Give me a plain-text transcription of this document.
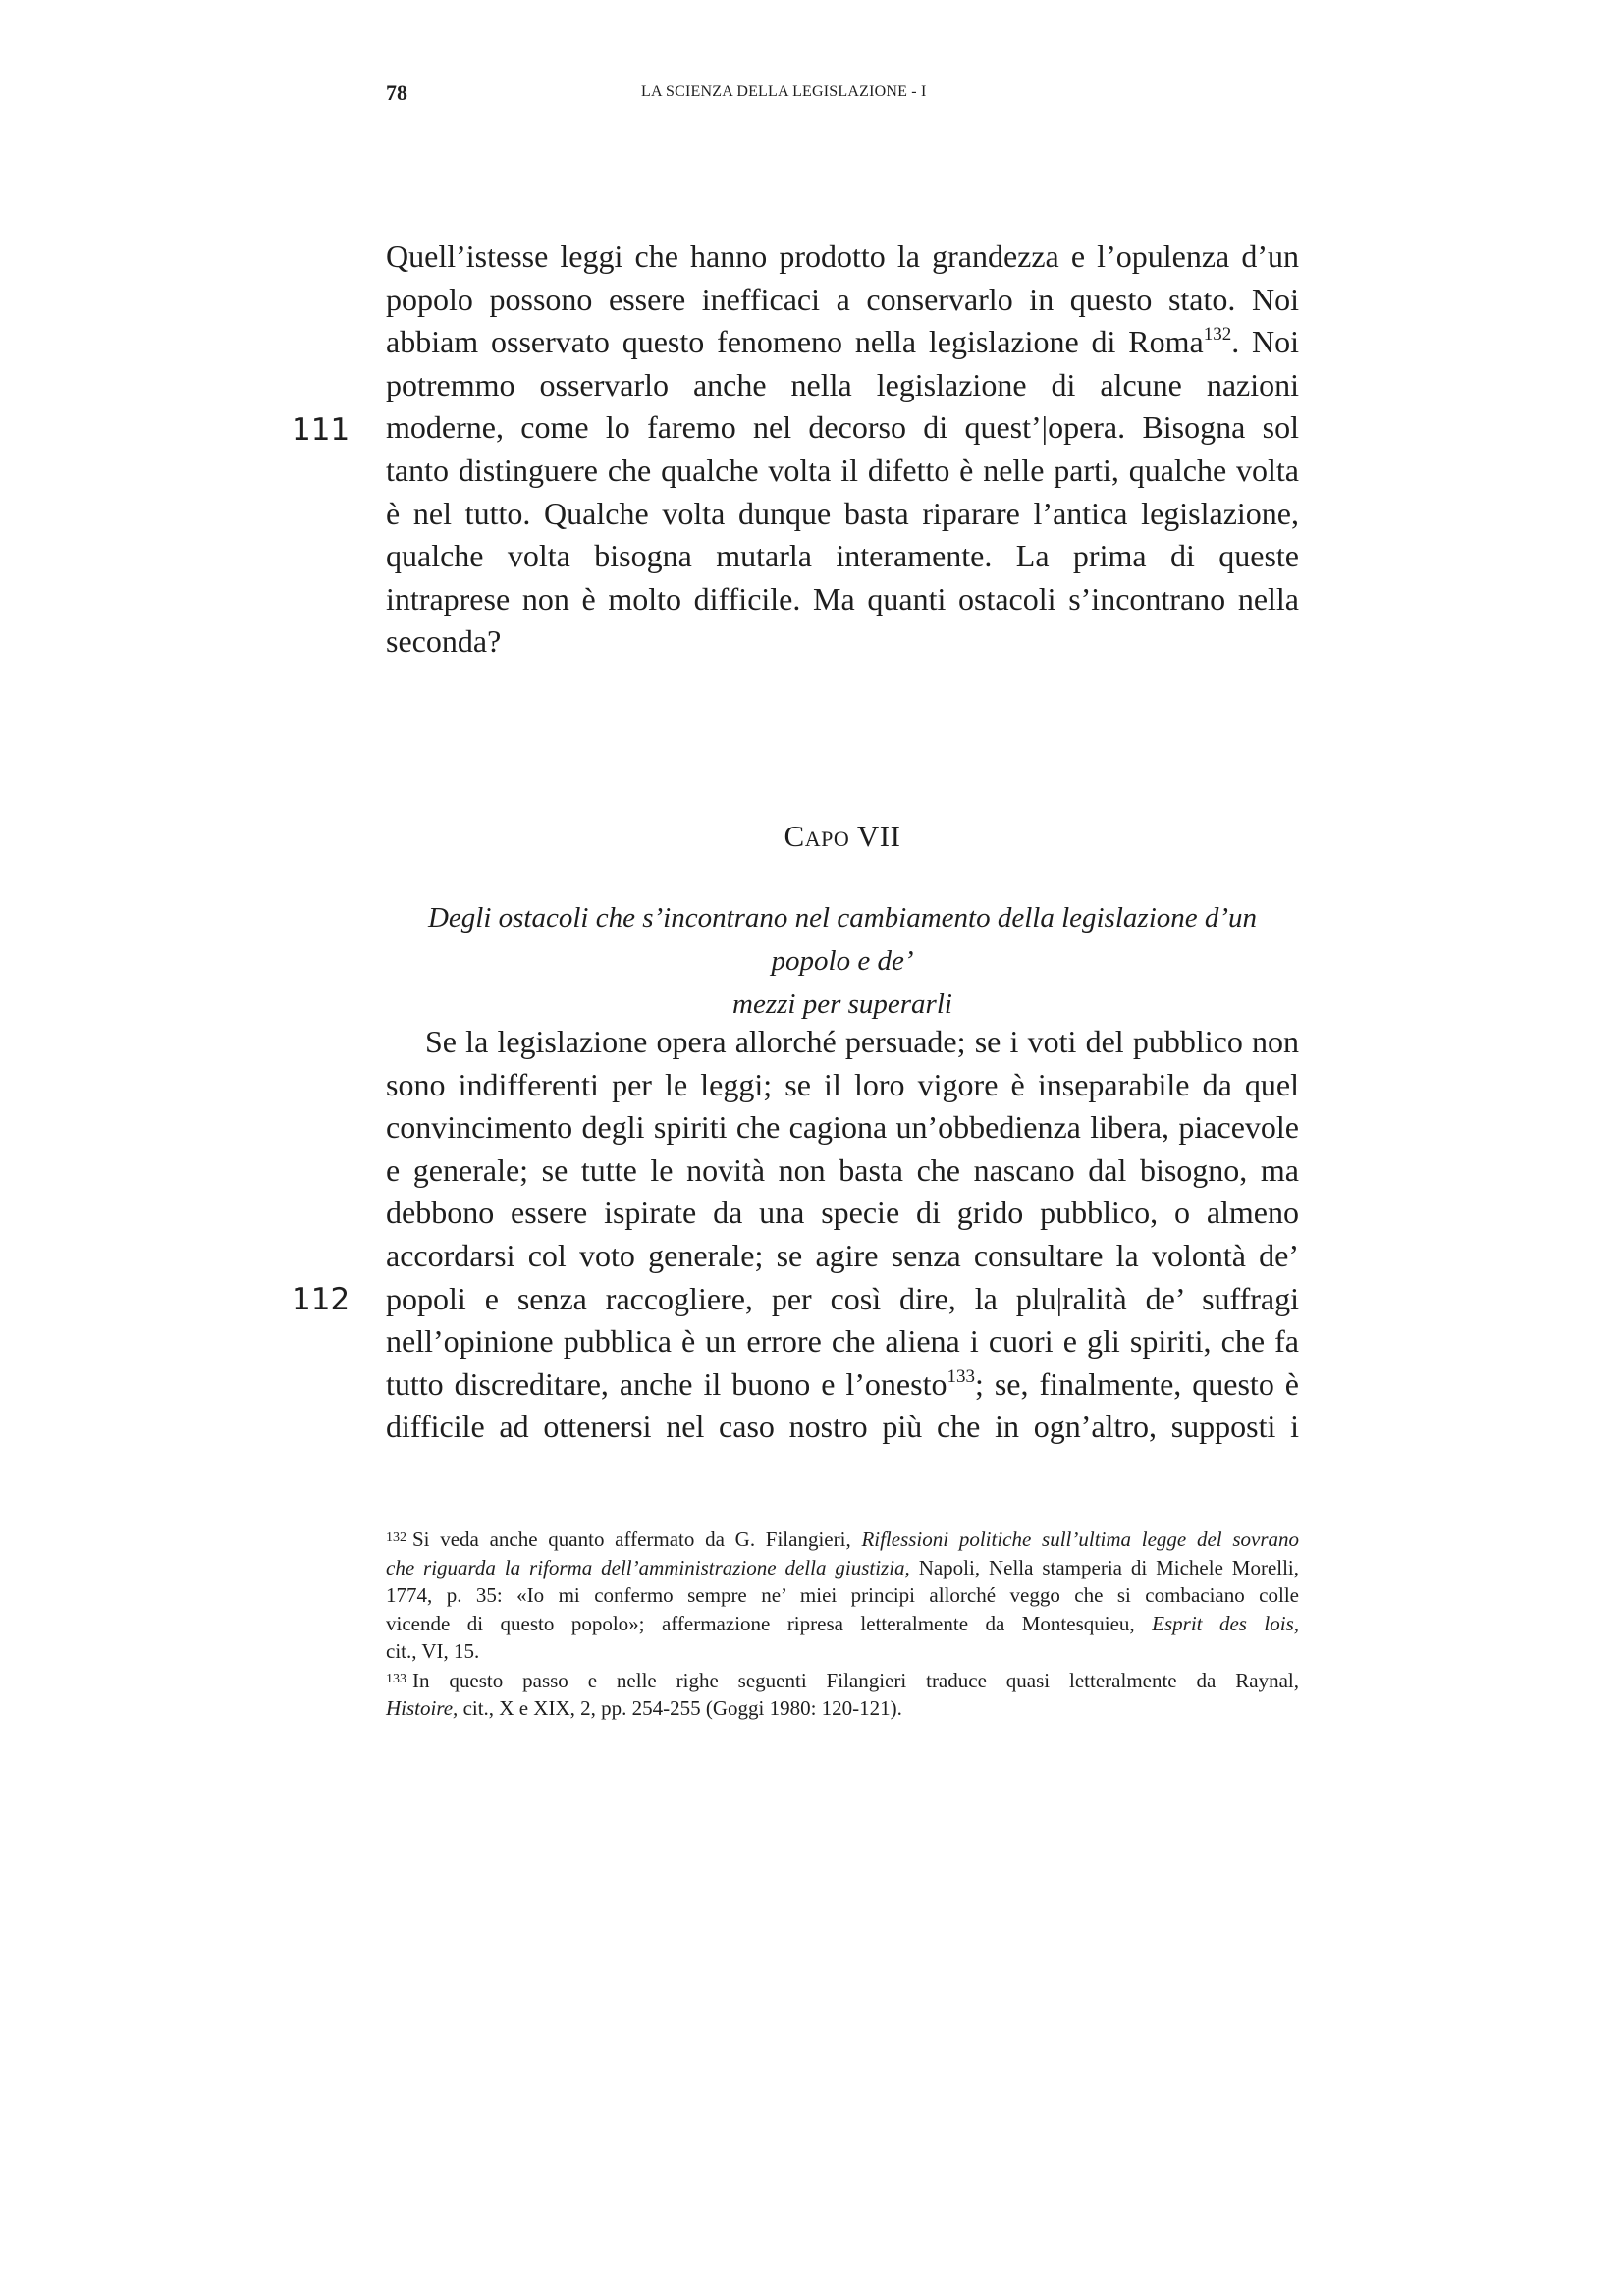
78	LA SCIENZA DELLA LEGISLAZIONE - I
111
112

Quell’istesse leggi che hanno prodotto la grandezza e l’opulenza d’un
popolo possono essere inefficaci a conservarlo in questo stato. Noi
abbiam osservato questo fenomeno nella legislazione di Roma$^{132}$. Noi
potremmo osservarlo anche nella legislazione di alcune nazioni
moderne, come lo faremo nel decorso di quest’|opera. Bisogna sol
tanto distinguere che qualche volta il difetto è nelle parti, qualche volta
è nel tutto. Qualche volta dunque basta riparare l’antica legislazione,
qualche volta bisogna mutarla interamente. La prima di queste
intraprese non è molto difficile. Ma quanti ostacoli s’incontrano nella
seconda?

Capo VII
Degli ostacoli che s’incontrano nel cambiamento della legislazione d’un popolo e de’
mezzi per superarli

Se la legislazione opera allorché persuade; se i voti del pubblico non
sono indifferenti per le leggi; se il loro vigore è inseparabile da quel
convincimento degli spiriti che cagiona un’obbedienza libera, piacevole
e generale; se tutte le novità non basta che nascano dal bisogno, ma
debbono essere ispirate da una specie di grido pubblico, o almeno
accordarsi col voto generale; se agire senza consultare la volontà de’
popoli e senza raccogliere, per così dire, la plu|ralità de’ suffragi
nell’opinione pubblica è un errore che aliena i cuori e gli spiriti, che fa
tutto discreditare, anche il buono e l’onesto$^{133}$; se, finalmente, questo è
difficile ad ottenersi nel caso nostro più che in ogn’altro, supposti i

$^{132}$ Si veda anche quanto affermato da G. Filangieri, Riflessioni politiche sull’ultima legge del sovrano
che riguarda la riforma dell’amministrazione della giustizia, Napoli, Nella stamperia di Michele Morelli,
1774, p. 35: «Io mi confermo sempre ne’ miei principi allorché veggo che si combaciano colle
vicende di questo popolo»; affermazione ripresa letteralmente da Montesquieu, Esprit des lois,
cit., VI, 15.
$^{133}$ In questo passo e nelle righe seguenti Filangieri traduce quasi letteralmente da Raynal,
Histoire, cit., X e XIX, 2, pp. 254-255 (Goggi 1980: 120-121).
